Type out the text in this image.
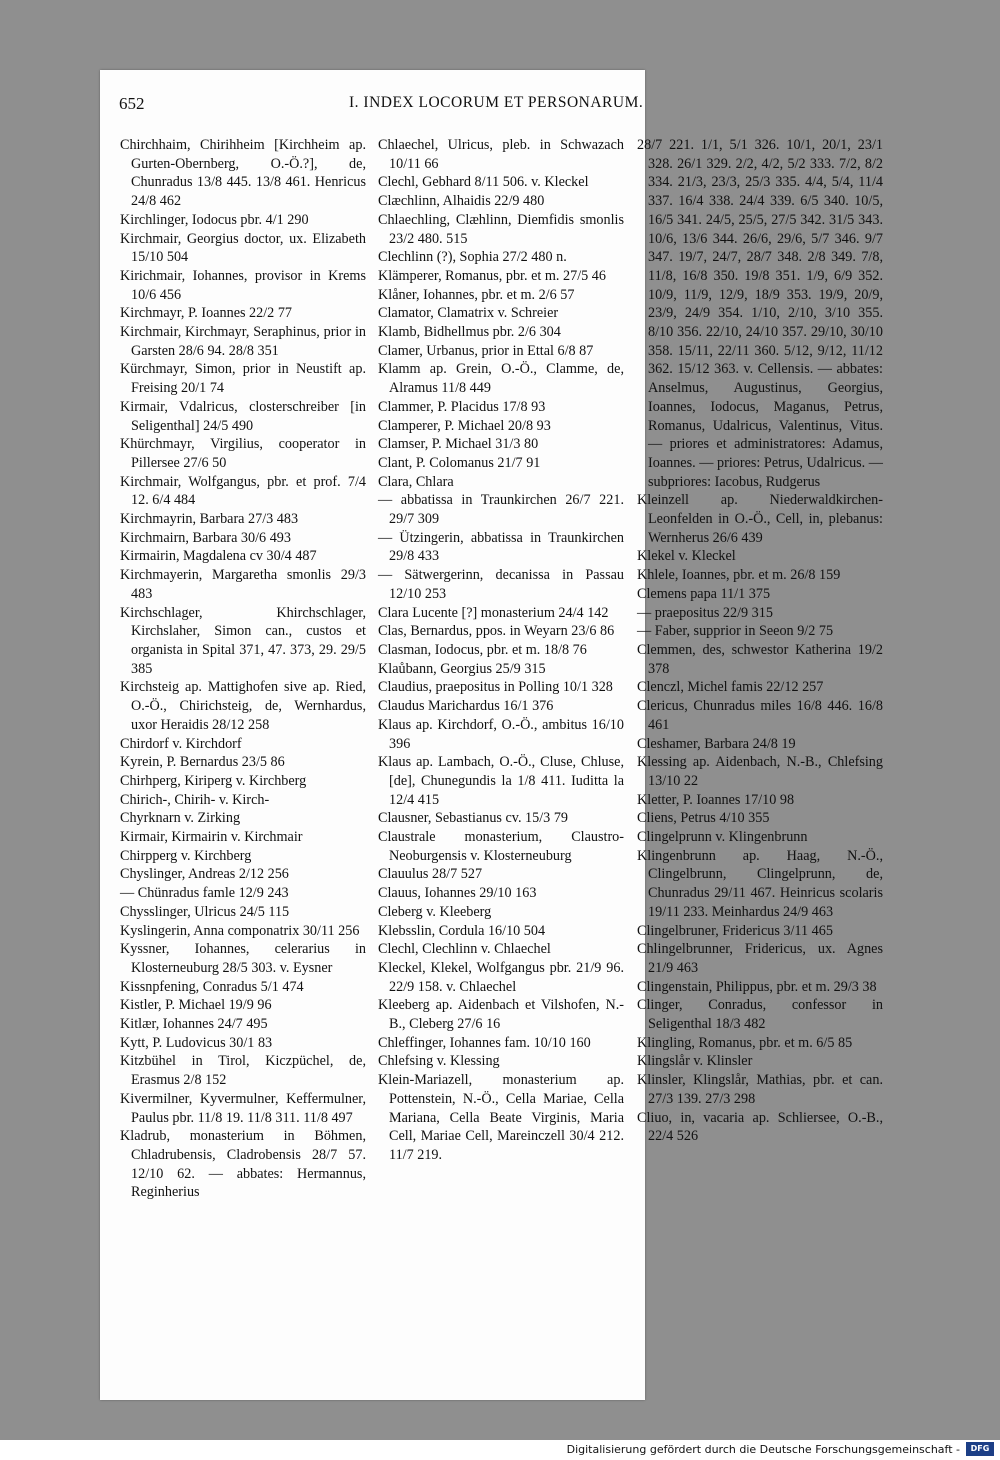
652	I. INDEX LOCORUM ET PERSONARUM.
Chirchhaim, Chirihheim [Kirchheim ap. Gurten-Obernberg, O.-Ö.?], de, Chunradus 13/8 445. 13/8 461. Henricus 24/8 462
Kirchlinger, Iodocus pbr. 4/1 290
Kirchmair, Georgius doctor, ux. Elizabeth 15/10 504
Kirichmair, Iohannes, provisor in Krems 10/6 456
Kirchmayr, P. Ioannes 22/2 77
Kirchmair, Kirchmayr, Seraphinus, prior in Garsten 28/6 94. 28/8 351
Kürchmayr, Simon, prior in Neustift ap. Freising 20/1 74
Kirmair, Vdalricus, closterschreiber [in Seligenthal] 24/5 490
Khürchmayr, Virgilius, cooperator in Pillersee 27/6 50
Kirchmair, Wolfgangus, pbr. et prof. 7/4 12. 6/4 484
Kirchmayrin, Barbara 27/3 483
Kirchmairn, Barbara 30/6 493
Kirmairin, Magdalena cv 30/4 487
Kirchmayerin, Margaretha smonlis 29/3 483
Kirchschlager, Khirchschlager, Kirchslaher, Simon can., custos et organista in Spital 371, 47. 373, 29. 29/5 385
Kirchsteig ap. Mattighofen sive ap. Ried, O.-Ö., Chirichsteig, de, Wernhardus, uxor Heraidis 28/12 258
Chirdorf v. Kirchdorf
Kyrein, P. Bernardus 23/5 86
Chirhperg, Kiriperg v. Kirchberg
Chirich-, Chirih- v. Kirch-
Chyrknarn v. Zirking
Kirmair, Kirmairin v. Kirchmair
Chirpperg v. Kirchberg
Chyslinger, Andreas 2/12 256
— Chünradus famle 12/9 243
Chysslinger, Ulricus 24/5 115
Kyslingerin, Anna componatrix 30/11 256
Kyssner, Iohannes, celerarius in Klosterneuburg 28/5 303. v. Eysner
Kissnpfening, Conradus 5/1 474
Kistler, P. Michael 19/9 96
Kitlær, Iohannes 24/7 495
Kytt, P. Ludovicus 30/1 83
Kitzbühel in Tirol, Kiczpüchel, de, Erasmus 2/8 152
Kivermilner, Kyvermulner, Keffermulner, Paulus pbr. 11/8 19. 11/8 311. 11/8 497
Kladrub, monasterium in Böhmen, Chladrubensis, Cladrobensis 28/7 57. 12/10 62. — abbates: Hermannus, Reginherius
Chlaechel, Ulricus, pleb. in Schwazach 10/11 66
Clechl, Gebhard 8/11 506. v. Kleckel
Clæchlinn, Alhaidis 22/9 480
Chlaechling, Clæhlinn, Diemfidis smonlis 23/2 480. 515
Clechlinn (?), Sophia 27/2 480 n.
Klämperer, Romanus, pbr. et m. 27/5 46
Klåner, Iohannes, pbr. et m. 2/6 57
Clamator, Clamatrix v. Schreier
Klamb, Bidhellmus pbr. 2/6 304
Clamer, Urbanus, prior in Ettal 6/8 87
Klamm ap. Grein, O.-Ö., Clamme, de, Alramus 11/8 449
Clammer, P. Placidus 17/8 93
Clamperer, P. Michael 20/8 93
Clamser, P. Michael 31/3 80
Clant, P. Colomanus 21/7 91
Clara, Chlara
— abbatissa in Traunkirchen 26/7 221. 29/7 309
— Ützingerin, abbatissa in Traunkirchen 29/8 433
— Sätwergerinn, decanissa in Passau 12/10 253
Clara Lucente [?] monasterium 24/4 142
Clas, Bernardus, ppos. in Weyarn 23/6 86
Clasman, Iodocus, pbr. et m. 18/8 76
Klaůbann, Georgius 25/9 315
Claudius, praepositus in Polling 10/1 328
Claudus Marichardus 16/1 376
Klaus ap. Kirchdorf, O.-Ö., ambitus 16/10 396
Klaus ap. Lambach, O.-Ö., Cluse, Chluse, [de], Chunegundis la 1/8 411. Iuditta la 12/4 415
Clausner, Sebastianus cv. 15/3 79
Claustrale monasterium, Claustro-Neoburgensis v. Klosterneuburg
Clauulus 28/7 527
Clauus, Iohannes 29/10 163
Cleberg v. Kleeberg
Klebsslin, Cordula 16/10 504
Clechl, Clechlinn v. Chlaechel
Kleckel, Klekel, Wolfgangus pbr. 21/9 96. 22/9 158. v. Chlaechel
Kleeberg ap. Aidenbach et Vilshofen, N.-B., Cleberg 27/6 16
Chleffinger, Iohannes fam. 10/10 160
Chlefsing v. Klessing
Klein-Mariazell, monasterium ap. Pottenstein, N.-Ö., Cella Mariae, Cella Mariana, Cella Beate Virginis, Maria Cell, Mariae Cell, Mareinczell 30/4 212. 11/7 219.
28/7 221. 1/1, 5/1 326. 10/1, 20/1, 23/1 328. 26/1 329. 2/2, 4/2, 5/2 333. 7/2, 8/2 334. 21/3, 23/3, 25/3 335. 4/4, 5/4, 11/4 337. 16/4 338. 24/4 339. 6/5 340. 10/5, 16/5 341. 24/5, 25/5, 27/5 342. 31/5 343. 10/6, 13/6 344. 26/6, 29/6, 5/7 346. 9/7 347. 19/7, 24/7, 28/7 348. 2/8 349. 7/8, 11/8, 16/8 350. 19/8 351. 1/9, 6/9 352. 10/9, 11/9, 12/9, 18/9 353. 19/9, 20/9, 23/9, 24/9 354. 1/10, 2/10, 3/10 355. 8/10 356. 22/10, 24/10 357. 29/10, 30/10 358. 15/11, 22/11 360. 5/12, 9/12, 11/12 362. 15/12 363. v. Cellensis. — abbates: Anselmus, Augustinus, Georgius, Ioannes, Iodocus, Maganus, Petrus, Romanus, Udalricus, Valentinus, Vitus. — priores et administratores: Adamus, Ioannes. — priores: Petrus, Udalricus. — subpriores: Iacobus, Rudgerus
Kleinzell ap. Niederwaldkirchen-Leonfelden in O.-Ö., Cell, in, plebanus: Wernherus 26/6 439
Klekel v. Kleckel
Khlele, Ioannes, pbr. et m. 26/8 159
Clemens papa 11/1 375
— praepositus 22/9 315
— Faber, supprior in Seeon 9/2 75
Clemmen, des, schwestor Katherina 19/2 378
Clenczl, Michel famis 22/12 257
Clericus, Chunradus miles 16/8 446. 16/8 461
Cleshamer, Barbara 24/8 19
Klessing ap. Aidenbach, N.-B., Chlefsing 13/10 22
Kletter, P. Ioannes 17/10 98
Cliens, Petrus 4/10 355
Clingelprunn v. Klingenbrunn
Klingenbrunn ap. Haag, N.-Ö., Clingelbrunn, Clingelprunn, de, Chunradus 29/11 467. Heinricus scolaris 19/11 233. Meinhardus 24/9 463
Clingelbruner, Fridericus 3/11 465
Chlingelbrunner, Fridericus, ux. Agnes 21/9 463
Clingenstain, Philippus, pbr. et m. 29/3 38
Clinger, Conradus, confessor in Seligenthal 18/3 482
Klingling, Romanus, pbr. et m. 6/5 85
Klingslår v. Klinsler
Klinsler, Klingslår, Mathias, pbr. et can. 27/3 139. 27/3 298
Cliuo, in, vacaria ap. Schliersee, O.-B., 22/4 526
Digitalisierung gefördert durch die Deutsche Forschungsgemeinschaft -	DFG
